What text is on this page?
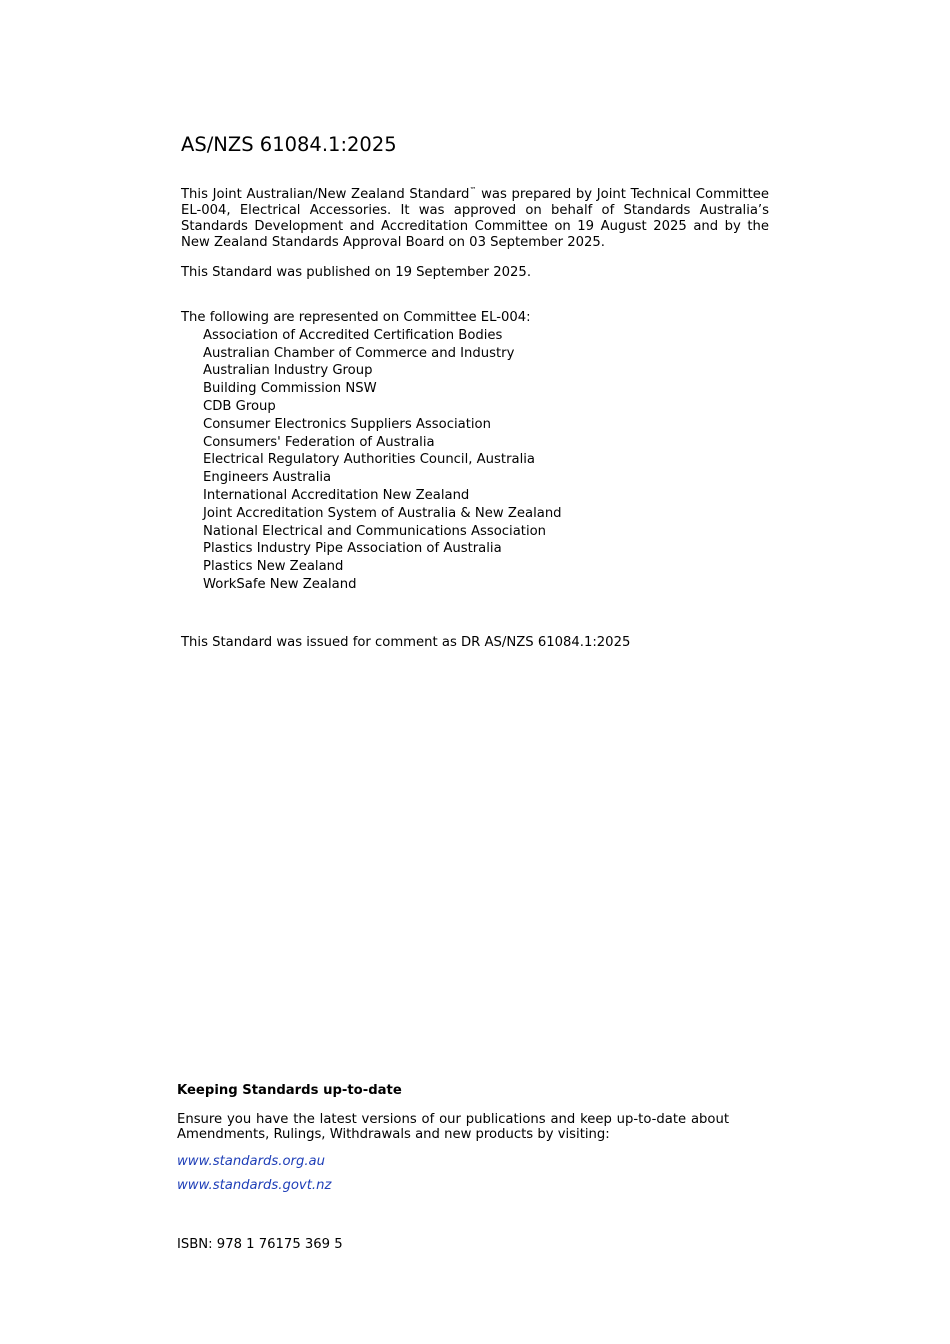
AS/NZS 61084.1:2025

This Joint Australian/New Zealand Standard™ was prepared by Joint Technical Committee EL-004, Electrical Accessories. It was approved on behalf of Standards Australia’s Standards Development and Accreditation Committee on 19 August 2025 and by the New Zealand Standards Approval Board on 03 September 2025.

This Standard was published on 19 September 2025.

The following are represented on Committee EL-004:
Association of Accredited Certification Bodies
Australian Chamber of Commerce and Industry
Australian Industry Group
Building Commission NSW
CDB Group
Consumer Electronics Suppliers Association
Consumers' Federation of Australia
Electrical Regulatory Authorities Council, Australia
Engineers Australia
International Accreditation New Zealand
Joint Accreditation System of Australia & New Zealand
National Electrical and Communications Association
Plastics Industry Pipe Association of Australia
Plastics New Zealand
WorkSafe New Zealand

This Standard was issued for comment as DR AS/NZS 61084.1:2025

Keeping Standards up-to-date

Ensure you have the latest versions of our publications and keep up-to-date about Amendments, Rulings, Withdrawals and new products by visiting:

www.standards.org.au
www.standards.govt.nz

ISBN: 978 1 76175 369 5
